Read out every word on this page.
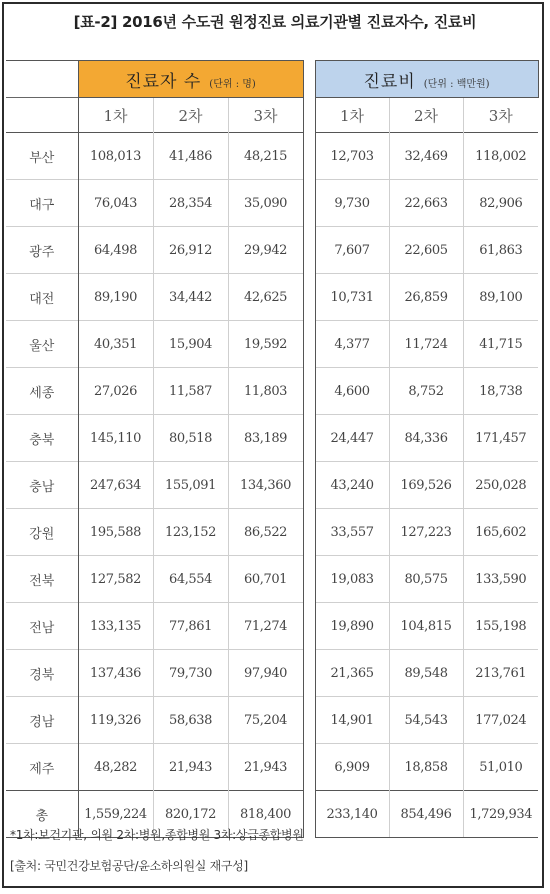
[표-2] 2016년 수도권 원정진료 의료기관별 진료자수, 진료비
	진료자 수 (단위 : 명)				진료비 (단위 : 백만원)		
	1차	2차	3차		1차	2차	3차
부산	108,013	41,486	48,215		12,703	32,469	118,002
대구	76,043	28,354	35,090		9,730	22,663	82,906
광주	64,498	26,912	29,942		7,607	22,605	61,863
대전	89,190	34,442	42,625		10,731	26,859	89,100
울산	40,351	15,904	19,592		4,377	11,724	41,715
세종	27,026	11,587	11,803		4,600	8,752	18,738
충북	145,110	80,518	83,189		24,447	84,336	171,457
충남	247,634	155,091	134,360		43,240	169,526	250,028
강원	195,588	123,152	86,522		33,557	127,223	165,602
전북	127,582	64,554	60,701		19,083	80,575	133,590
전남	133,135	77,861	71,274		19,890	104,815	155,198
경북	137,436	79,730	97,940		21,365	89,548	213,761
경남	119,326	58,638	75,204		14,901	54,543	177,024
제주	48,282	21,943	21,943		6,909	18,858	51,010
총	1,559,224	820,172	818,400		233,140	854,496	1,729,934
*1차:보건기관, 의원 2차:병원,종합병원 3차:상급종합병원
[출처: 국민건강보험공단/윤소하의원실 재구성]
